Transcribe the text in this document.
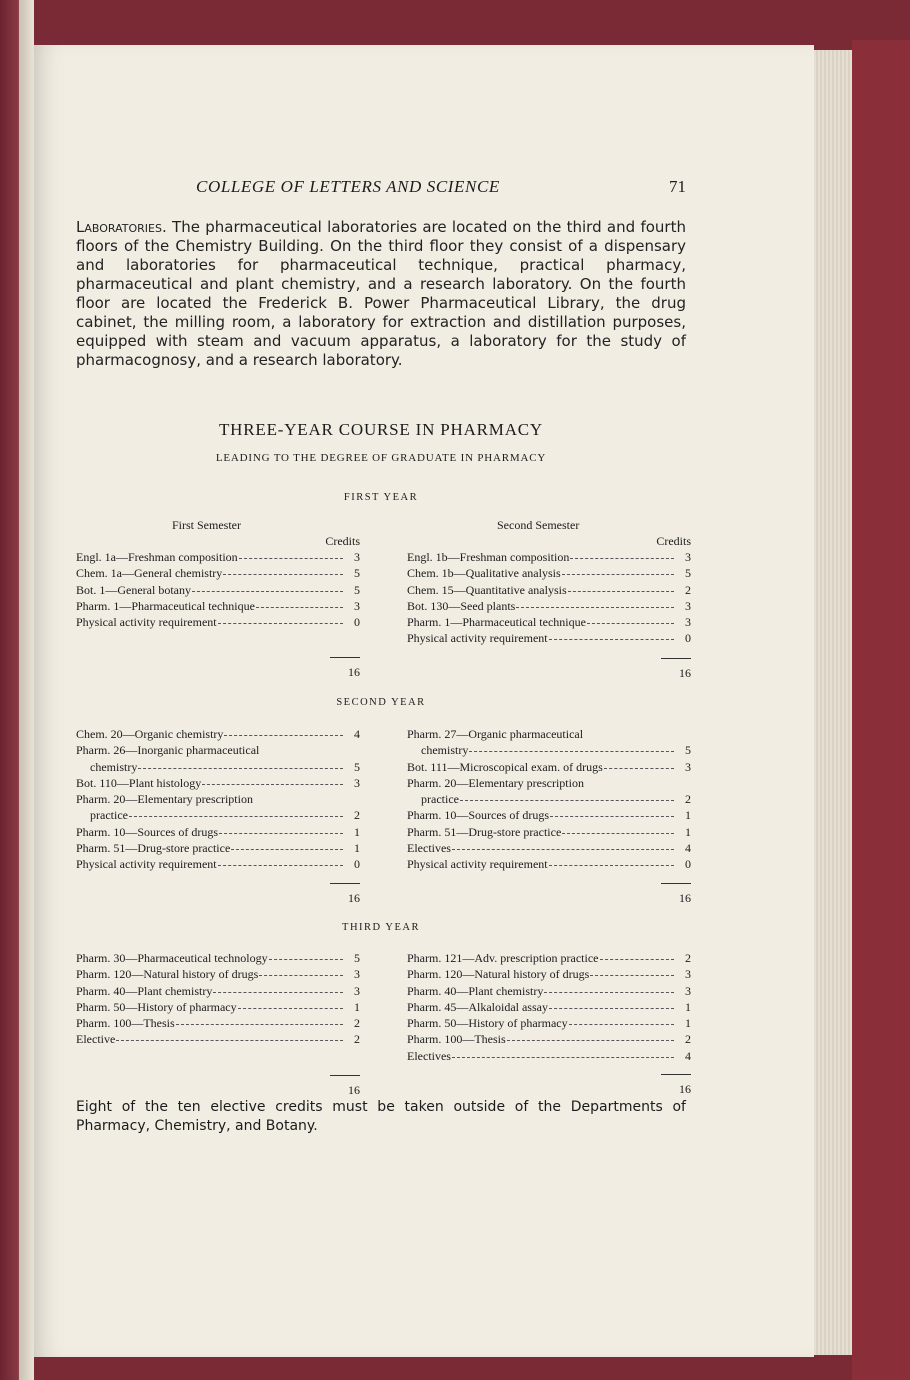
COLLEGE OF LETTERS AND SCIENCE	71
Laboratories. The pharmaceutical laboratories are located on the third and fourth floors of the Chemistry Building. On the third floor they consist of a dispensary and laboratories for pharmaceutical technique, practical pharmacy, pharmaceutical and plant chemistry, and a research laboratory. On the fourth floor are located the Frederick B. Power Pharmaceutical Library, the drug cabinet, the milling room, a laboratory for extraction and distillation purposes, equipped with steam and vacuum apparatus, a laboratory for the study of pharmacognosy, and a research laboratory.
THREE-YEAR COURSE IN PHARMACY
LEADING TO THE DEGREE OF GRADUATE IN PHARMACY
FIRST YEAR
First Semester
Credits
Engl. 1a—Freshman composition	3
Chem. 1a—General chemistry	5
Bot. 1—General botany	5
Pharm. 1—Pharmaceutical technique	3
Physical activity requirement	0
16
Second Semester
Credits
Engl. 1b—Freshman composition	3
Chem. 1b—Qualitative analysis	5
Chem. 15—Quantitative analysis	2
Bot. 130—Seed plants	3
Pharm. 1—Pharmaceutical technique	3
Physical activity requirement	0
16
SECOND YEAR
Chem. 20—Organic chemistry	4
Pharm. 26—Inorganic pharmaceutical
chemistry	5
Bot. 110—Plant histology	3
Pharm. 20—Elementary prescription
practice	2
Pharm. 10—Sources of drugs	1
Pharm. 51—Drug-store practice	1
Physical activity requirement	0
16
Pharm. 27—Organic pharmaceutical
chemistry	5
Bot. 111—Microscopical exam. of drugs	3
Pharm. 20—Elementary prescription
practice	2
Pharm. 10—Sources of drugs	1
Pharm. 51—Drug-store practice	1
Electives	4
Physical activity requirement	0
16
THIRD YEAR
Pharm. 30—Pharmaceutical technology	5
Pharm. 120—Natural history of drugs	3
Pharm. 40—Plant chemistry	3
Pharm. 50—History of pharmacy	1
Pharm. 100—Thesis	2
Elective	2
16
Pharm. 121—Adv. prescription practice	2
Pharm. 120—Natural history of drugs	3
Pharm. 40—Plant chemistry	3
Pharm. 45—Alkaloidal assay	1
Pharm. 50—History of pharmacy	1
Pharm. 100—Thesis	2
Electives	4
16
Eight of the ten elective credits must be taken outside of the Departments of Pharmacy, Chemistry, and Botany.
